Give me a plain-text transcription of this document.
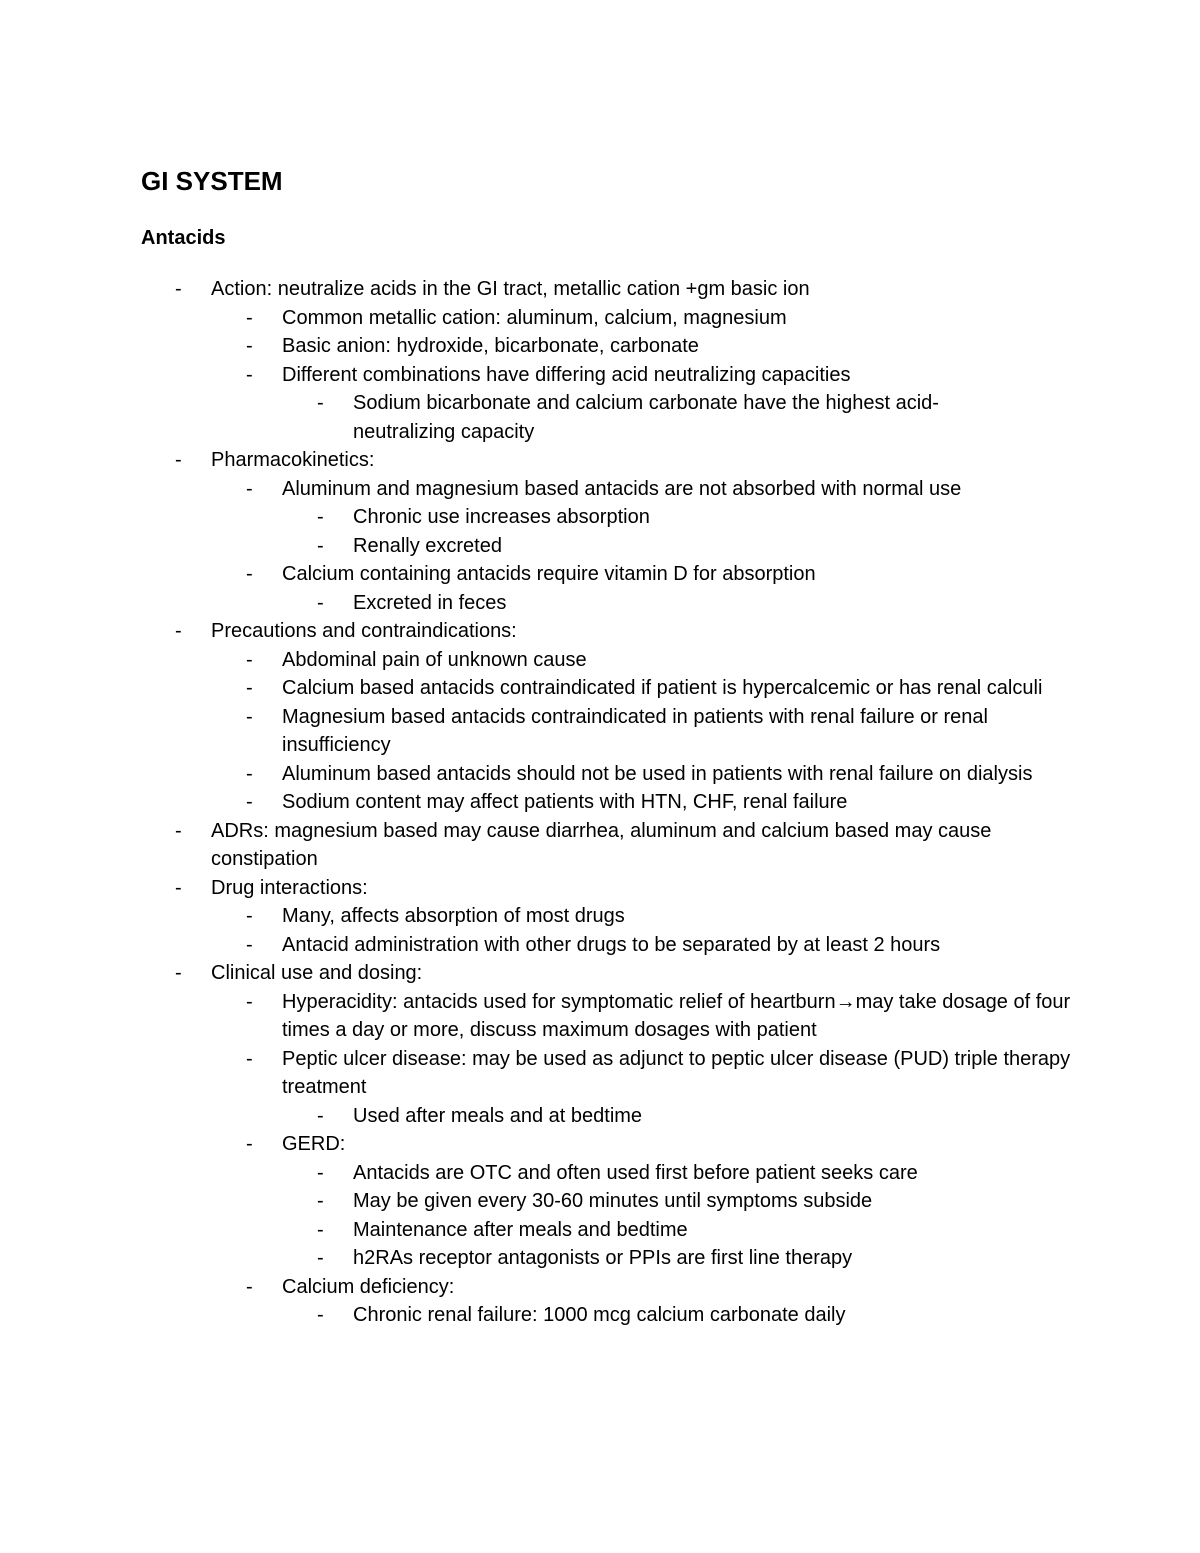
GI SYSTEM
Antacids
- Action: neutralize acids in the GI tract, metallic cation +gm basic ion
- Common metallic cation: aluminum, calcium, magnesium
- Basic anion: hydroxide, bicarbonate, carbonate
- Different combinations have differing acid neutralizing capacities
- Sodium bicarbonate and calcium carbonate have the highest acid-neutralizing capacity
- Pharmacokinetics:
- Aluminum and magnesium based antacids are not absorbed with normal use
- Chronic use increases absorption
- Renally excreted
- Calcium containing antacids require vitamin D for absorption
- Excreted in feces
- Precautions and contraindications:
- Abdominal pain of unknown cause
- Calcium based antacids contraindicated if patient is hypercalcemic or has renal calculi
- Magnesium based antacids contraindicated in patients with renal failure or renal insufficiency
- Aluminum based antacids should not be used in patients with renal failure on dialysis
- Sodium content may affect patients with HTN, CHF, renal failure
- ADRs: magnesium based may cause diarrhea, aluminum and calcium based may cause constipation
- Drug interactions:
- Many, affects absorption of most drugs
- Antacid administration with other drugs to be separated by at least 2 hours
- Clinical use and dosing:
- Hyperacidity: antacids used for symptomatic relief of heartburn→may take dosage of four times a day or more, discuss maximum dosages with patient
- Peptic ulcer disease: may be used as adjunct to peptic ulcer disease (PUD) triple therapy treatment
- Used after meals and at bedtime
- GERD:
- Antacids are OTC and often used first before patient seeks care
- May be given every 30-60 minutes until symptoms subside
- Maintenance after meals and bedtime
- h2RAs receptor antagonists or PPIs are first line therapy
- Calcium deficiency:
- Chronic renal failure: 1000 mcg calcium carbonate daily
